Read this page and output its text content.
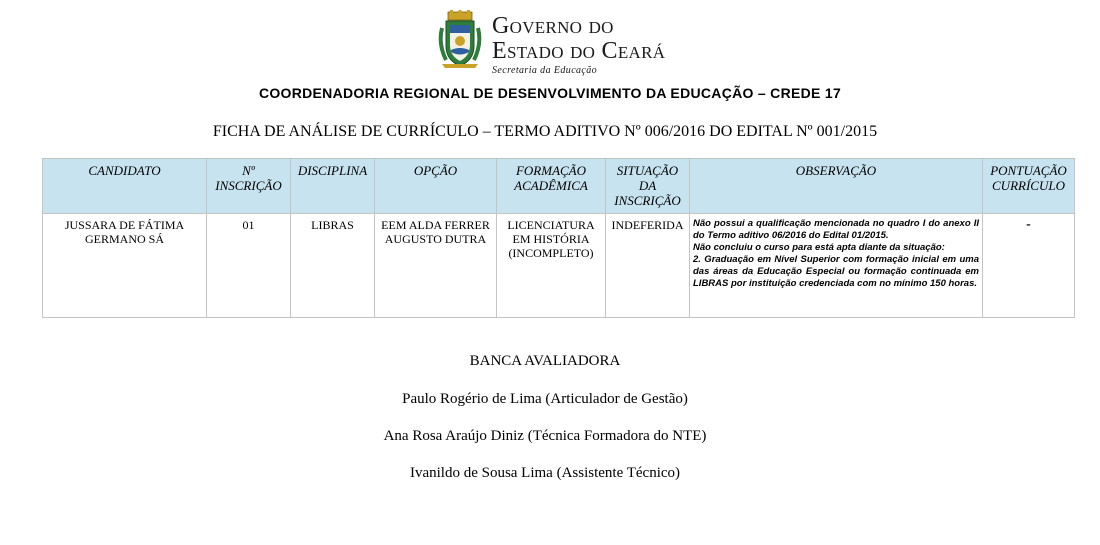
Governo do
Estado do Ceará
Secretaria da Educação
COORDENADORIA REGIONAL DE DESENVOLVIMENTO DA EDUCAÇÃO – CREDE 17
FICHA DE ANÁLISE DE CURRÍCULO – TERMO ADITIVO Nº 006/2016 DO EDITAL Nº 001/2015
CANDIDATO	Nº INSCRIÇÃO	DISCIPLINA	OPÇÃO	FORMAÇÃO ACADÊMICA	SITUAÇÃO DA INSCRIÇÃO	OBSERVAÇÃO	PONTUAÇÃO CURRÍCULO
JUSSARA DE FÁTIMA GERMANO SÁ	01	LIBRAS	EEM ALDA FERRER AUGUSTO DUTRA	LICENCIATURA EM HISTÓRIA (INCOMPLETO)	INDEFERIDA	Não possui a qualificação mencionada no quadro I do anexo II do Termo aditivo 06/2016 do Edital 01/2015.
Não concluiu o curso para está apta diante da situação:
2. Graduação em Nível Superior com formação inicial em uma das áreas da Educação Especial ou formação continuada em LIBRAS por instituição credenciada com no mínimo 150 horas.	-
BANCA AVALIADORA
Paulo Rogério de Lima (Articulador de Gestão)
Ana Rosa Araújo Diniz (Técnica Formadora do NTE)
Ivanildo de Sousa Lima (Assistente Técnico)
